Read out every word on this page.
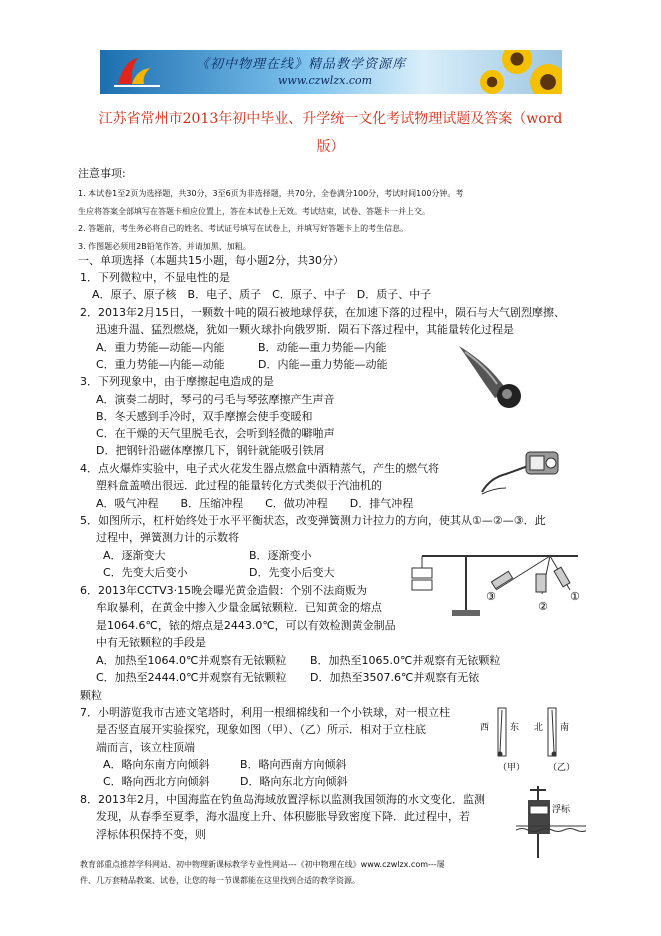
《初中物理在线》精品教学资源库
www.czwlzx.com
江苏省常州市2013年初中毕业、升学统一文化考试物理试题及答案（word
版）
注意事项:
1. 本试卷1至2页为选择题，共30分，3至6页为非选择题，共70分，全卷满分100分，考试时间100分钟。考
生应将答案全部填写在答题卡相应位置上，答在本试卷上无效。考试结束，试卷、答题卡一并上交。
2. 答题前，考生务必将自己的姓名、考试证号填写在试卷上，并填写好答题卡上的考生信息。
3. 作图题必须用2B铅笔作答，并请加黑、加粗。
一、单项选择（本题共15小题，每小题2分，共30分）
1．下列微粒中，不显电性的是
A．原子、原子核　B．电子、质子　C．原子、中子　D．质子、中子
2．2013年2月15日，一颗数十吨的陨石被地球俘获，在加速下落的过程中，陨石与大气剧烈摩擦、
迅速升温、猛烈燃烧，犹如一颗火球扑向俄罗斯．陨石下落过程中，其能量转化过程是
A．重力势能—动能—内能	B．动能—重力势能—内能
C．重力势能—内能—动能	D．内能—重力势能—动能
3．下列现象中，由于摩擦起电造成的是
A．演奏二胡时，琴弓的弓毛与琴弦摩擦产生声音
B．冬天感到手冷时，双手摩擦会使手变暖和
C．在干燥的天气里脱毛衣，会听到轻微的噼啪声
D．把钢针沿磁体摩擦几下，钢针就能吸引铁屑
4．点火爆炸实验中，电子式火花发生器点燃盒中酒精蒸气，产生的燃气将
塑料盒盖喷出很远．此过程的能量转化方式类似于汽油机的
A．吸气冲程　　B．压缩冲程　　C．做功冲程　　D．排气冲程
5．如图所示，杠杆始终处于水平平衡状态，改变弹簧测力计拉力的方向，使其从①—②—③．此
过程中，弹簧测力计的示数将
A．逐渐变大	B．逐渐变小
C．先变大后变小	D．先变小后变大
③
②
①
6．2013年CCTV3·15晚会曝光黄金造假：个别不法商贩为
牟取暴利，在黄金中掺入少量金属铱颗粒．已知黄金的熔点
是1064.6℃，铱的熔点是2443.0℃，可以有效检测黄金制品
中有无铱颗粒的手段是
A．加热至1064.0℃并观察有无铱颗粒 B．加热至1065.0℃并观察有无铱颗粒
C．加热至2444.0℃并观察有无铱颗粒 D．加热至3507.6℃并观察有无铱
颗粒
7．小明游览我市古迹文笔塔时，利用一根细棉线和一个小铁球，对一根立柱
是否竖直展开实验探究，现象如图（甲）、（乙）所示．相对于立柱底
端而言，该立柱顶端
A．略向东南方向倾斜	B．略向西南方向倾斜
C．略向西北方向倾斜	D．略向东北方向倾斜
西 东 北 南
（甲）	（乙）
8．2013年2月，中国海监在钓鱼岛海域放置浮标以监测我国领海的水文变化．监测
发现，从春季至夏季，海水温度上升、体积膨胀导致密度下降．此过程中，若
浮标体积保持不变，则
浮标
教育部重点推荐学科网站、初中物理新课标教学专业性网站---《初中物理在线》www.czwlzx.com---屡
件、几万套精品教案、试卷，让您的每一节课都能在这里找到合适的教学资源。
